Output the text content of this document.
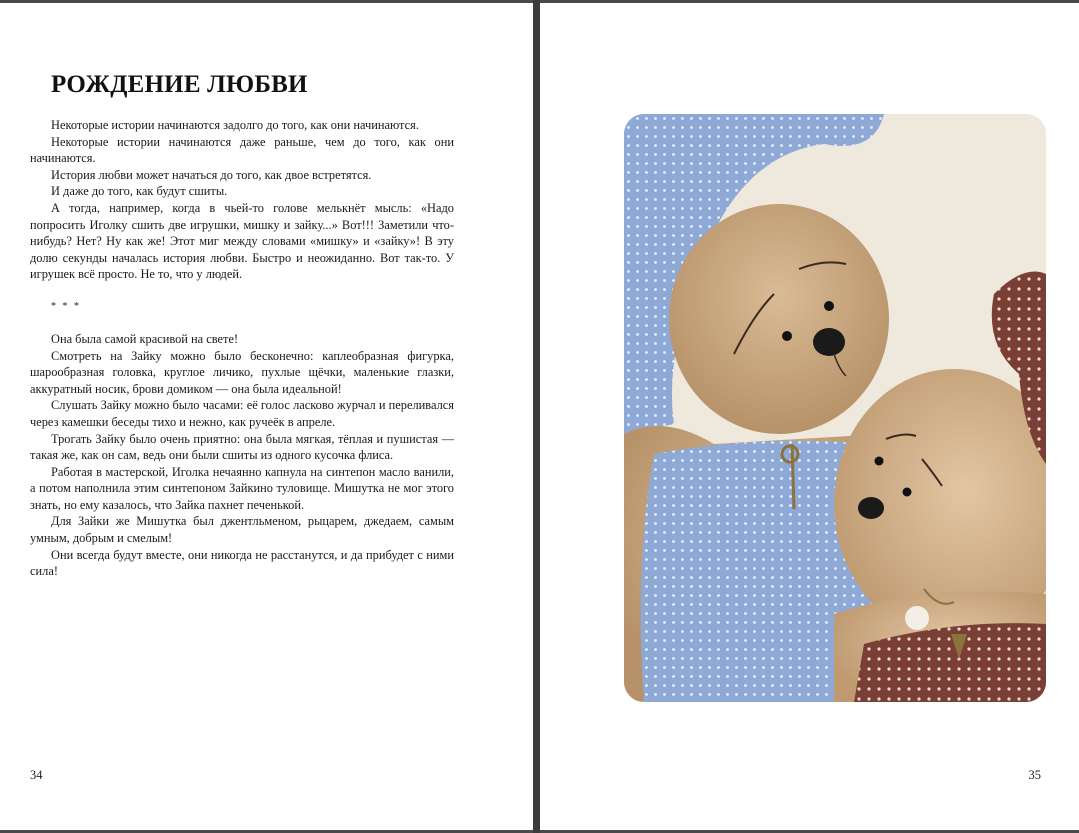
РОЖДЕНИЕ ЛЮБВИ

Некоторые истории начинаются задолго до того, как они начинаются.

Некоторые истории начинаются даже раньше, чем до того, как они начинаются.

История любви может начаться до того, как двое встретятся.

И даже до того, как будут сшиты.

А тогда, например, когда в чьей-то голове мелькнёт мысль: «Надо попросить Иголку сшить две игрушки, мишку и зайку...» Вот!!! Заметили что-нибудь? Нет? Ну как же! Этот миг между словами «мишку» и «зайку»! В эту долю секунды началась история любви. Быстро и неожиданно. Вот так-то. У игрушек всё просто. Не то, что у людей.

* * *

Она была самой красивой на свете!

Смотреть на Зайку можно было бесконечно: каплеобразная фигурка, шарообразная головка, круглое личико, пухлые щёчки, маленькие глазки, аккуратный носик, брови домиком — она была идеальной!

Слушать Зайку можно было часами: её голос ласково журчал и переливался через камешки беседы тихо и нежно, как ручеёк в апреле.

Трогать Зайку было очень приятно: она была мягкая, тёплая и пушистая — такая же, как он сам, ведь они были сшиты из одного кусочка флиса.

Работая в мастерской, Иголка нечаянно капнула на синтепон масло ванили, а потом наполнила этим синтепоном Зайкино туловище. Мишутка не мог этого знать, но ему казалось, что Зайка пахнет печенькой.

Для Зайки же Мишутка был джентльменом, рыцарем, джедаем, самым умным, добрым и смелым!

Они всегда будут вместе, они никогда не расстанутся, и да прибудет с ними сила!

34	35
